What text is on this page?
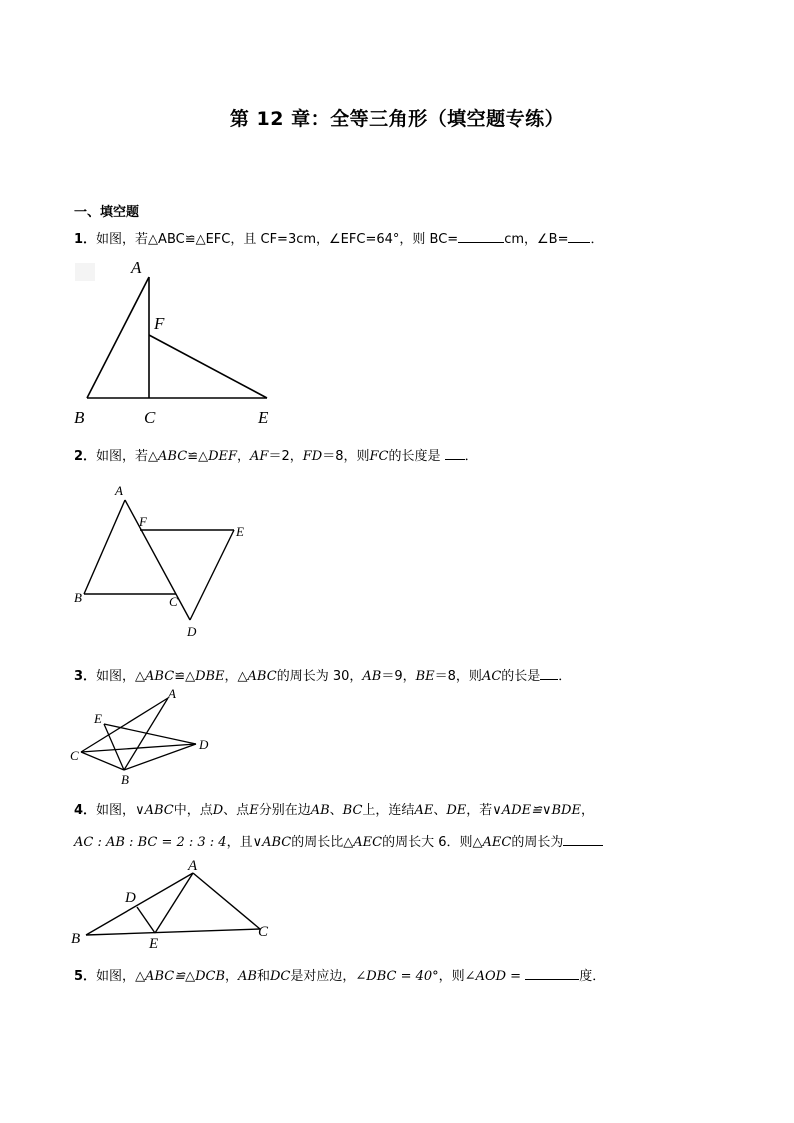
第 12 章：全等三角形（填空题专练）
一、填空题
1．如图，若△ABC≌△EFC，且 CF=3cm，∠EFC=64°，则 BC=	cm，∠B= ．
A
F
B	C	E
2．如图，若△ABC≌△DEF，AF＝2，FD＝8，则FC的长度是 ．
A
F
E
B	C
D
3．如图，△ABC≌△DBE，△ABC的周长为 30，AB＝9，BE＝8，则AC的长是 ．
A
E
D
C
B
4．如图，∨ABC中，点D、点E分别在边AB、BC上，连结AE、DE，若∨ADE≌∨BDE，
AC : AB : BC = 2 : 3 : 4，且∨ABC的周长比△AEC的周长大 6．则△AEC的周长为
A
D
B	E
C
5．如图，△ABC≌△DCB，AB和DC是对应边，∠DBC = 40°，则∠AOD =	度．
